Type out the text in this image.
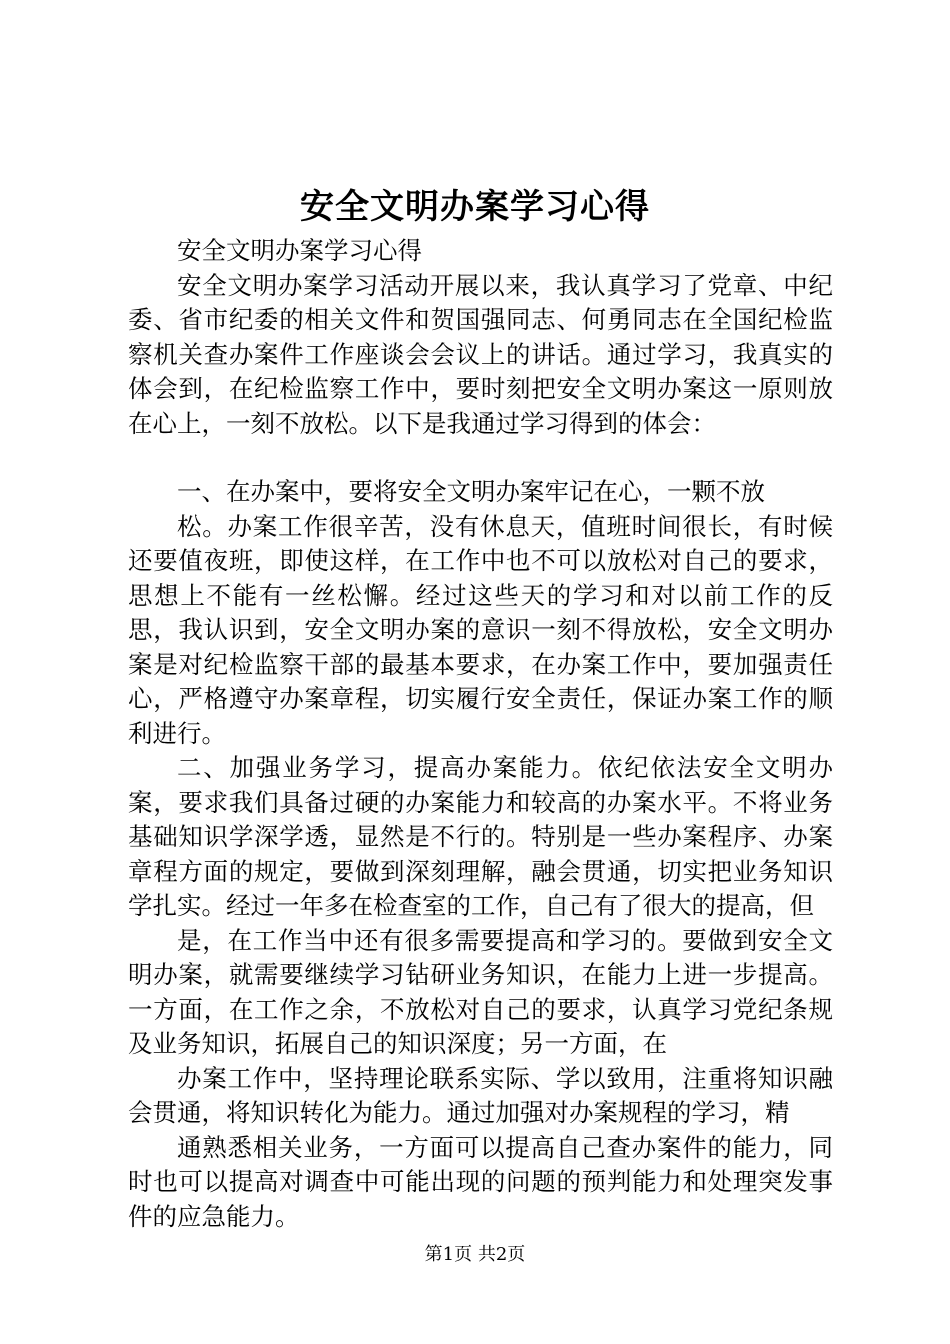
安全文明办案学习心得

安全文明办案学习心得

安全文明办案学习活动开展以来，我认真学习了党章、中纪委、省市纪委的相关文件和贺国强同志、何勇同志在全国纪检监察机关查办案件工作座谈会会议上的讲话。通过学习，我真实的体会到，在纪检监察工作中，要时刻把安全文明办案这一原则放在心上，一刻不放松。以下是我通过学习得到的体会：

一、在办案中，要将安全文明办案牢记在心，一颗不放

松。办案工作很辛苦，没有休息天，值班时间很长，有时候还要值夜班，即使这样，在工作中也不可以放松对自己的要求，思想上不能有一丝松懈。经过这些天的学习和对以前工作的反思，我认识到，安全文明办案的意识一刻不得放松，安全文明办案是对纪检监察干部的最基本要求，在办案工作中，要加强责任心，严格遵守办案章程，切实履行安全责任，保证办案工作的顺利进行。

二、加强业务学习，提高办案能力。依纪依法安全文明办案，要求我们具备过硬的办案能力和较高的办案水平。不将业务基础知识学深学透，显然是不行的。特别是一些办案程序、办案章程方面的规定，要做到深刻理解，融会贯通，切实把业务知识学扎实。经过一年多在检查室的工作，自己有了很大的提高，但

是，在工作当中还有很多需要提高和学习的。要做到安全文明办案，就需要继续学习钻研业务知识，在能力上进一步提高。一方面，在工作之余，不放松对自己的要求，认真学习党纪条规及业务知识，拓展自己的知识深度；另一方面，在

办案工作中，坚持理论联系实际、学以致用，注重将知识融会贯通，将知识转化为能力。通过加强对办案规程的学习，精

通熟悉相关业务，一方面可以提高自己查办案件的能力，同时也可以提高对调查中可能出现的问题的预判能力和处理突发事件的应急能力。

第1页 共2页
